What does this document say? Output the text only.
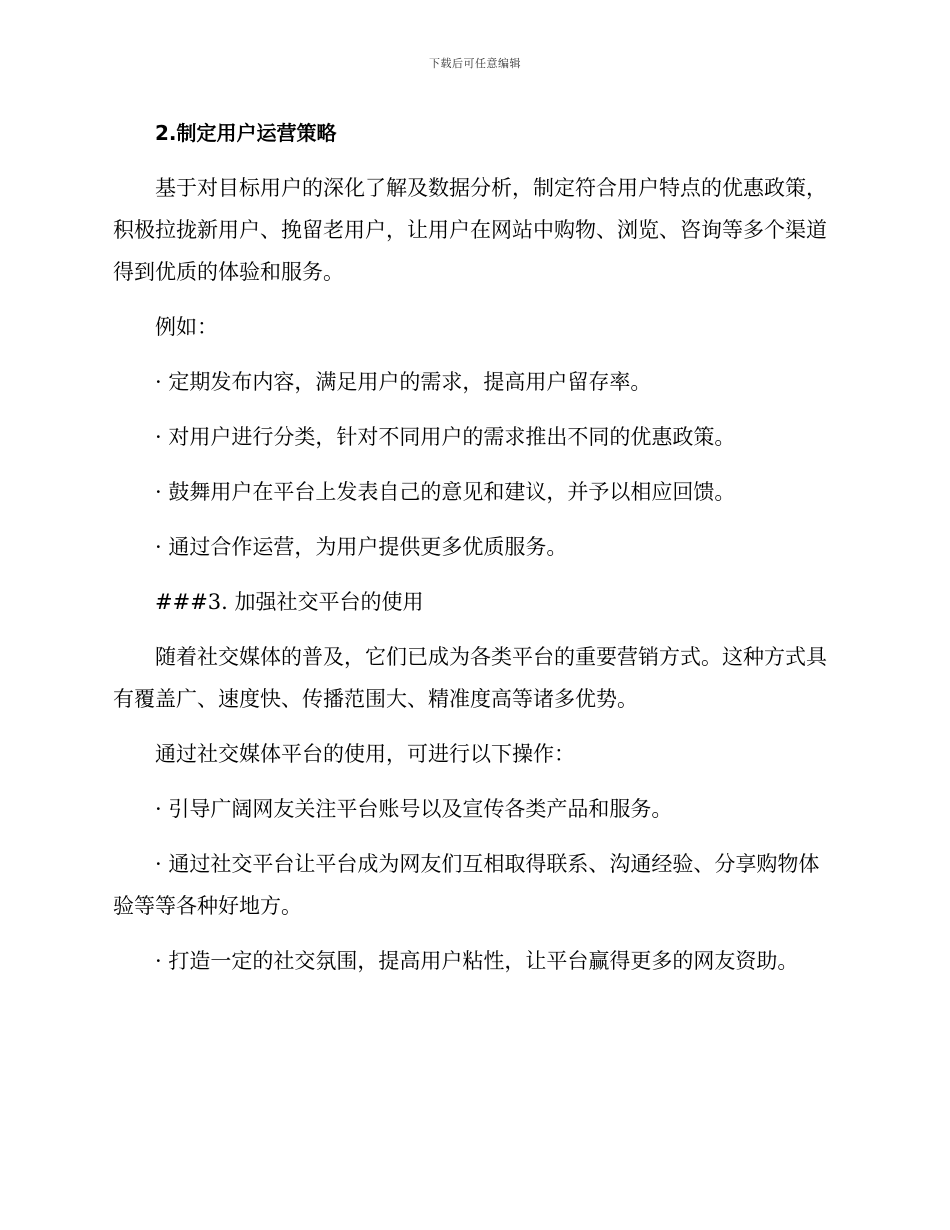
下载后可任意编辑

2.制定用户运营策略

基于对目标用户的深化了解及数据分析，制定符合用户特点的优惠政策，积极拉拢新用户、挽留老用户，让用户在网站中购物、浏览、咨询等多个渠道得到优质的体验和服务。

例如：

· 定期发布内容，满足用户的需求，提高用户留存率。

· 对用户进行分类，针对不同用户的需求推出不同的优惠政策。

· 鼓舞用户在平台上发表自己的意见和建议，并予以相应回馈。

· 通过合作运营，为用户提供更多优质服务。

###3. 加强社交平台的使用

随着社交媒体的普及，它们已成为各类平台的重要营销方式。这种方式具有覆盖广、速度快、传播范围大、精准度高等诸多优势。

通过社交媒体平台的使用，可进行以下操作：

· 引导广阔网友关注平台账号以及宣传各类产品和服务。

· 通过社交平台让平台成为网友们互相取得联系、沟通经验、分享购物体验等等各种好地方。

· 打造一定的社交氛围，提高用户粘性，让平台赢得更多的网友资助。
